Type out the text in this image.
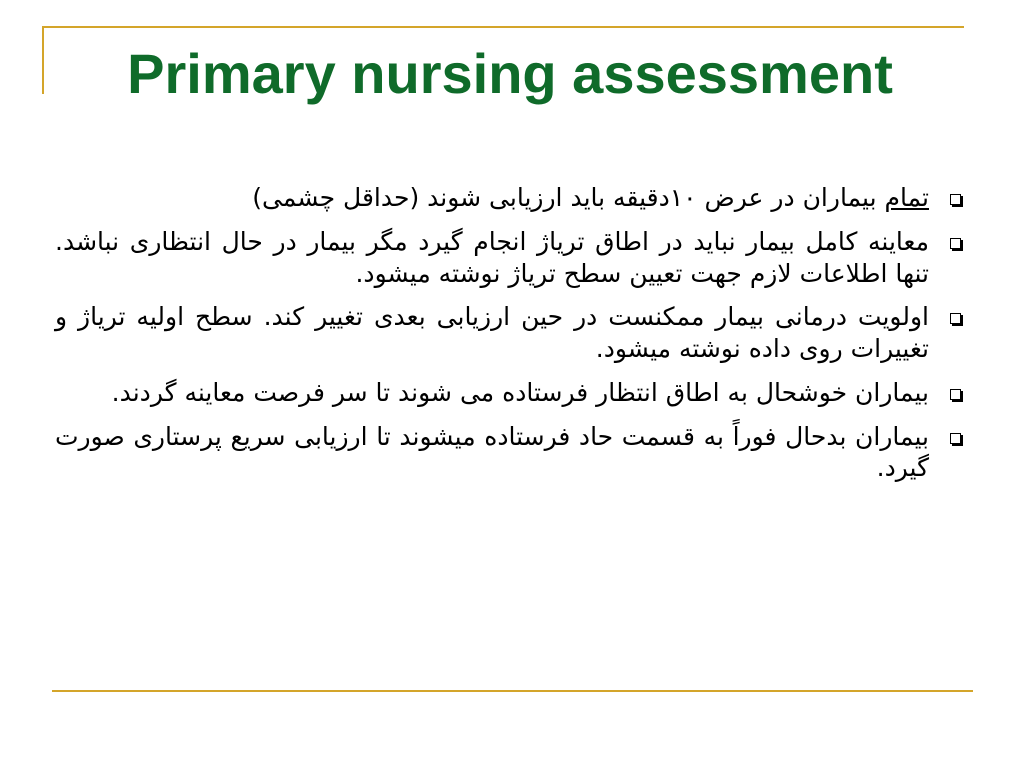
Primary nursing assessment
تمام بیماران در عرض ۱۰دقیقه باید ارزیابی شوند (حداقل چشمی)
معاینه کامل بیمار نباید در اطاق تریاژ انجام گیرد مگر بیمار در حال انتظاری نباشد. تنها اطلاعات لازم جهت تعیین سطح تریاژ نوشته میشود.
اولویت درمانی بیمار ممکنست در حین ارزیابی بعدی تغییر کند. سطح اولیه تریاژ و تغییرات روی داده نوشته میشود.
بیماران خوشحال به اطاق انتظار فرستاده می شوند تا سر فرصت معاینه گردند.
بیماران بدحال فوراً به قسمت حاد فرستاده میشوند تا ارزیابی سریع پرستاری صورت گیرد.
